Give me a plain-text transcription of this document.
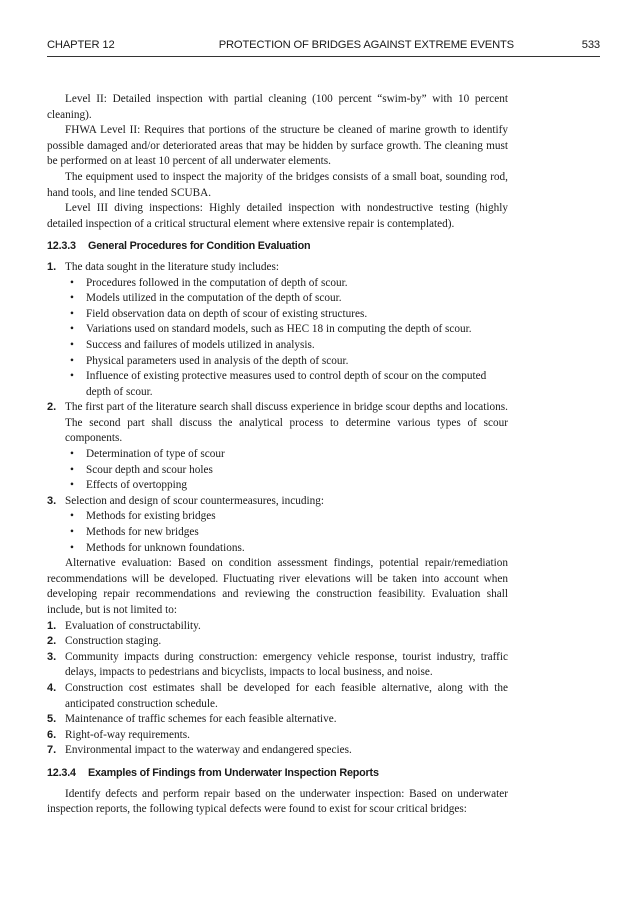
CHAPTER 12	PROTECTION OF BRIDGES AGAINST EXTREME EVENTS	533

Level II: Detailed inspection with partial cleaning (100 percent “swim-by” with 10 percent cleaning).

FHWA Level II: Requires that portions of the structure be cleaned of marine growth to identify possible damaged and/or deteriorated areas that may be hidden by surface growth. The cleaning must be performed on at least 10 percent of all underwater elements.

The equipment used to inspect the majority of the bridges consists of a small boat, sounding rod, hand tools, and line tended SCUBA.

Level III diving inspections: Highly detailed inspection with nondestructive testing (highly detailed inspection of a critical structural element where extensive repair is contemplated).

12.3.3 General Procedures for Condition Evaluation
1. The data sought in the literature study includes:
• Procedures followed in the computation of depth of scour.
• Models utilized in the computation of the depth of scour.
• Field observation data on depth of scour of existing structures.
• Variations used on standard models, such as HEC 18 in computing the depth of scour.
• Success and failures of models utilized in analysis.
• Physical parameters used in analysis of the depth of scour.
• Influence of existing protective measures used to control depth of scour on the computed depth of scour.
2. The first part of the literature search shall discuss experience in bridge scour depths and locations. The second part shall discuss the analytical process to determine various types of scour components.
• Determination of type of scour
• Scour depth and scour holes
• Effects of overtopping
3. Selection and design of scour countermeasures, incuding:
• Methods for existing bridges
• Methods for new bridges
• Methods for unknown foundations.

Alternative evaluation: Based on condition assessment findings, potential repair/remediation recommendations will be developed. Fluctuating river elevations will be taken into account when developing repair recommendations and reviewing the construction feasibility. Evaluation shall include, but is not limited to:

1. Evaluation of constructability.
2. Construction staging.
3. Community impacts during construction: emergency vehicle response, tourist industry, traffic delays, impacts to pedestrians and bicyclists, impacts to local business, and noise.
4. Construction cost estimates shall be developed for each feasible alternative, along with the anticipated construction schedule.
5. Maintenance of traffic schemes for each feasible alternative.
6. Right-of-way requirements.
7. Environmental impact to the waterway and endangered species.
12.3.4 Examples of Findings from Underwater Inspection Reports

Identify defects and perform repair based on the underwater inspection: Based on underwater inspection reports, the following typical defects were found to exist for scour critical bridges:
